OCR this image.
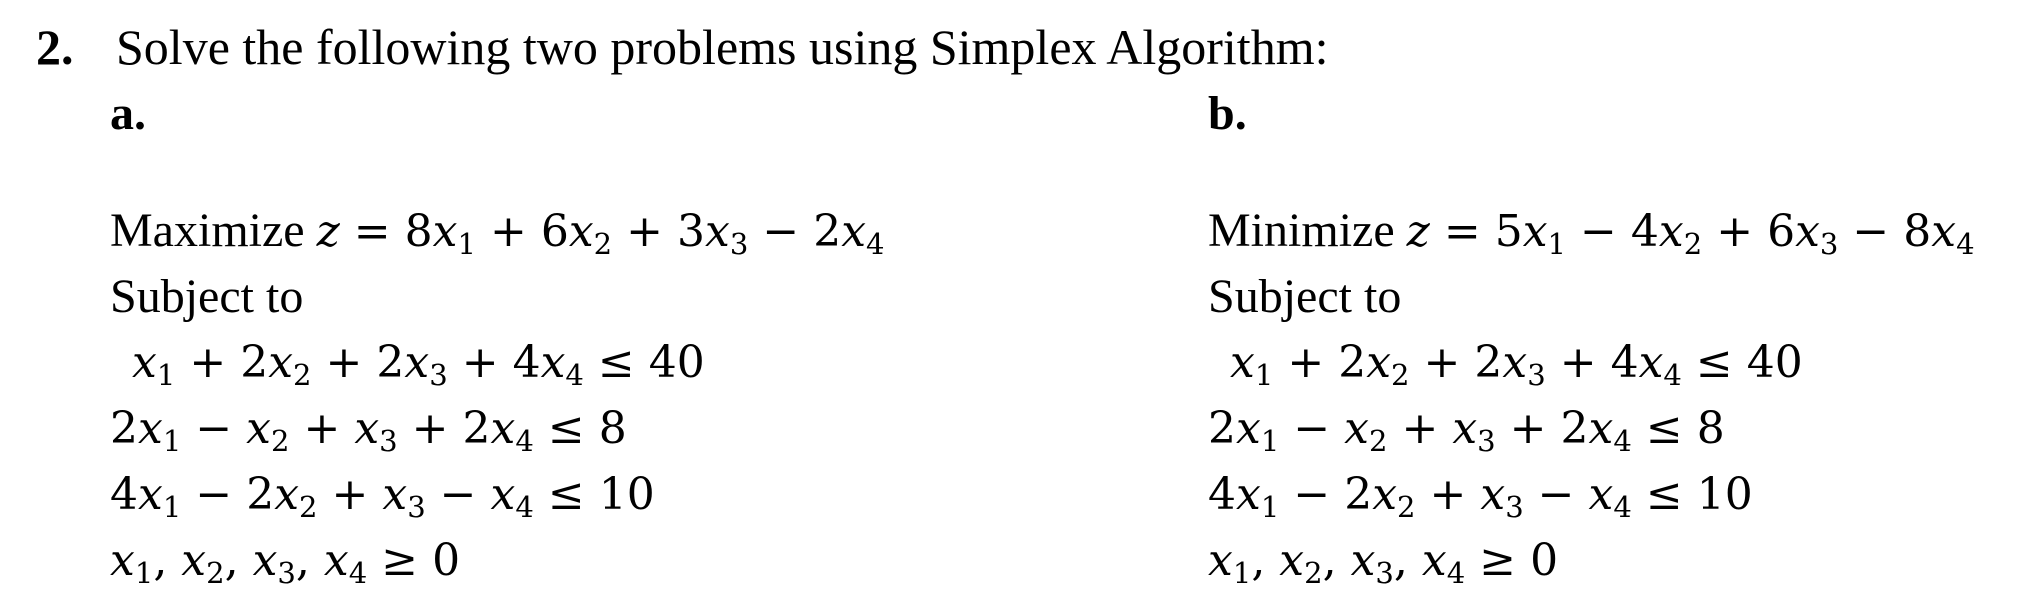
2. Solve the following two problems using Simplex Algorithm:
a.
Maximize $z = 8x_1 + 6x_2 + 3x_3 - 2x_4$
Subject to
$x_1 + 2x_2 + 2x_3 + 4x_4 \le 40$
$2x_1 - x_2 + x_3 + 2x_4 \le 8$
$4x_1 - 2x_2 + x_3 - x_4 \le 10$
$x_1$, $x_2$, $x_3$, $x_4 \ge 0$
b.
Minimize $z = 5x_1 - 4x_2 + 6x_3 - 8x_4$
Subject to
$x_1 + 2x_2 + 2x_3 + 4x_4 \le 40$
$2x_1 - x_2 + x_3 + 2x_4 \le 8$
$4x_1 - 2x_2 + x_3 - x_4 \le 10$
$x_1$, $x_2$, $x_3$, $x_4 \ge 0$
